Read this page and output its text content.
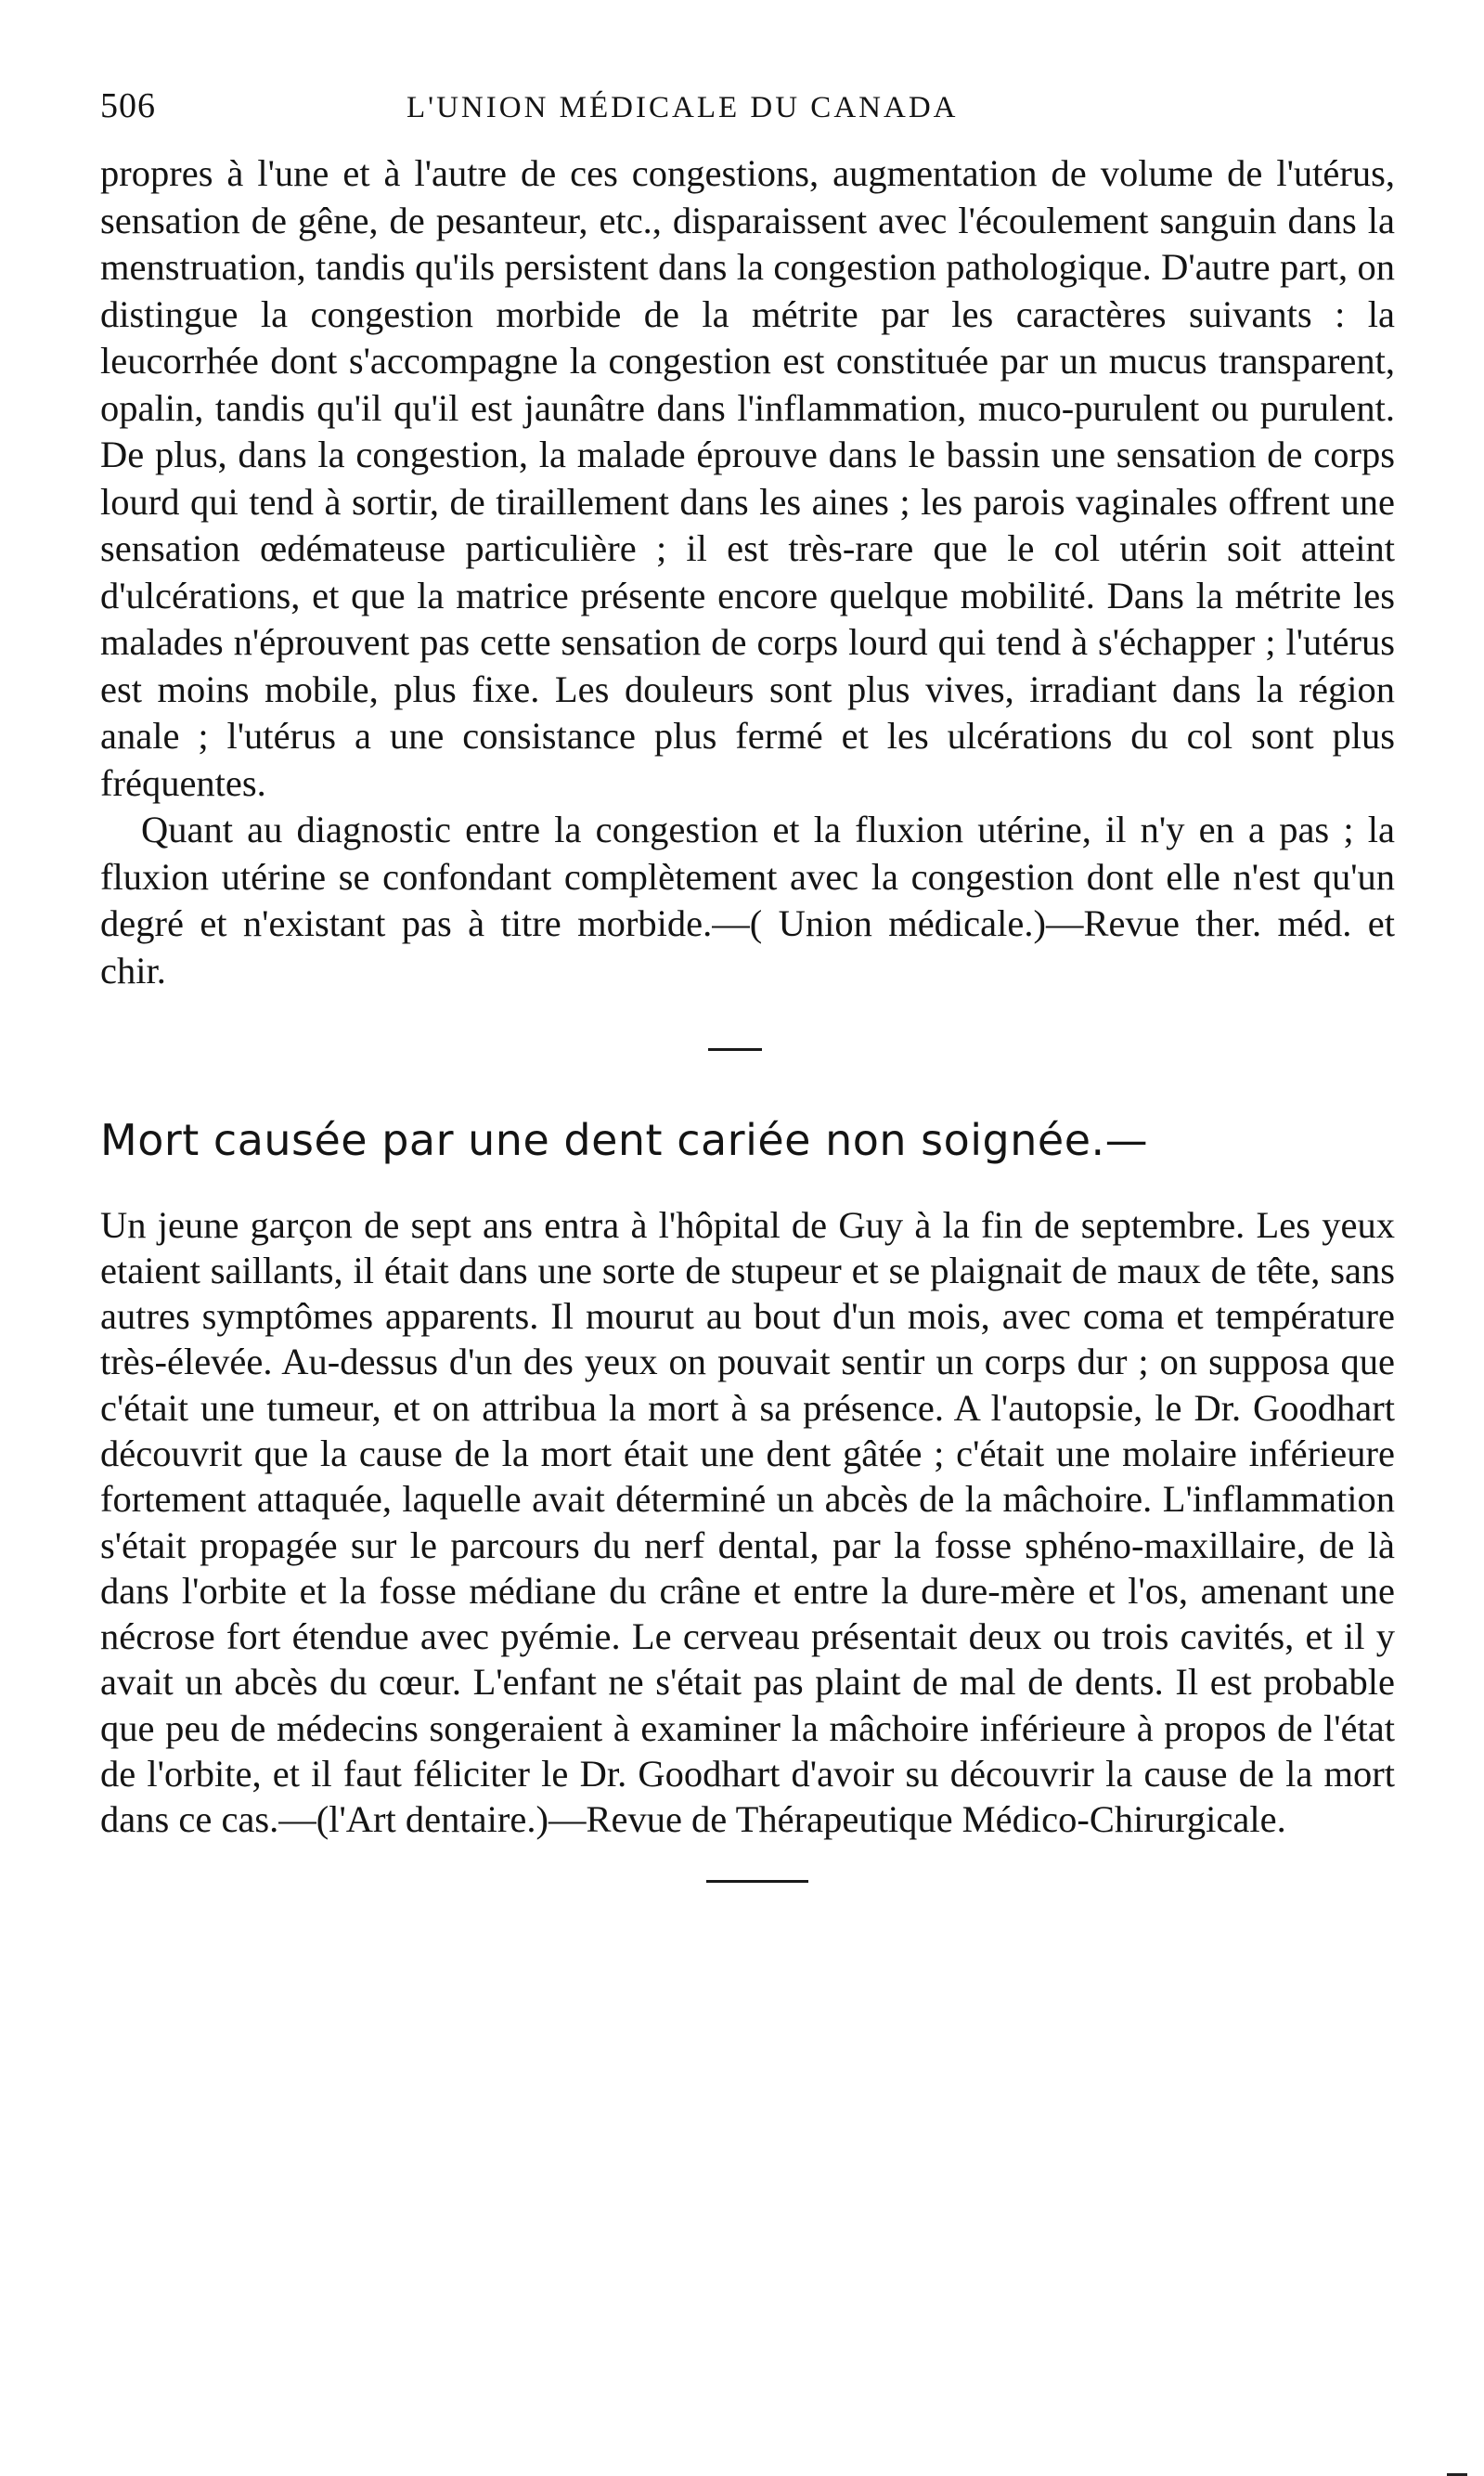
506	L'UNION MÉDICALE DU CANADA

propres à l'une et à l'autre de ces congestions, augmentation de volume de l'utérus, sensation de gêne, de pesanteur, etc., disparaissent avec l'écoulement sanguin dans la menstruation, tandis qu'ils persistent dans la congestion pathologique. D'autre part, on distingue la congestion morbide de la métrite par les caractères suivants : la leucorrhée dont s'accompagne la congestion est constituée par un mucus transparent, opalin, tandis qu'il qu'il est jaunâtre dans l'inflammation, muco-purulent ou purulent. De plus, dans la congestion, la malade éprouve dans le bassin une sensation de corps lourd qui tend à sortir, de tiraillement dans les aines ; les parois vaginales offrent une sensation œdémateuse particulière ; il est très-rare que le col utérin soit atteint d'ulcérations, et que la matrice présente encore quelque mobilité. Dans la métrite les malades n'éprouvent pas cette sensation de corps lourd qui tend à s'échapper ; l'utérus est moins mobile, plus fixe. Les douleurs sont plus vives, irradiant dans la région anale ; l'utérus a une consistance plus fermé et les ulcérations du col sont plus fréquentes.

Quant au diagnostic entre la congestion et la fluxion utérine, il n'y en a pas ; la fluxion utérine se confondant complètement avec la congestion dont elle n'est qu'un degré et n'existant pas à titre morbide.—( Union médicale.)—Revue ther. méd. et chir.

Mort causée par une dent cariée non soignée.—

Un jeune garçon de sept ans entra à l'hôpital de Guy à la fin de septembre. Les yeux etaient saillants, il était dans une sorte de stupeur et se plaignait de maux de tête, sans autres symptômes apparents. Il mourut au bout d'un mois, avec coma et température très-élevée. Au-dessus d'un des yeux on pouvait sentir un corps dur ; on supposa que c'était une tumeur, et on attribua la mort à sa présence. A l'autopsie, le Dr. Goodhart découvrit que la cause de la mort était une dent gâtée ; c'était une molaire inférieure fortement attaquée, laquelle avait déterminé un abcès de la mâchoire. L'inflammation s'était propagée sur le parcours du nerf dental, par la fosse sphéno-maxillaire, de là dans l'orbite et la fosse médiane du crâne et entre la dure-mère et l'os, amenant une nécrose fort étendue avec pyémie. Le cerveau présentait deux ou trois cavités, et il y avait un abcès du cœur. L'enfant ne s'était pas plaint de mal de dents. Il est probable que peu de médecins songeraient à examiner la mâchoire inférieure à propos de l'état de l'orbite, et il faut féliciter le Dr. Goodhart d'avoir su découvrir la cause de la mort dans ce cas.—(l'Art dentaire.)—Revue de Thérapeutique Médico-Chirurgicale.
